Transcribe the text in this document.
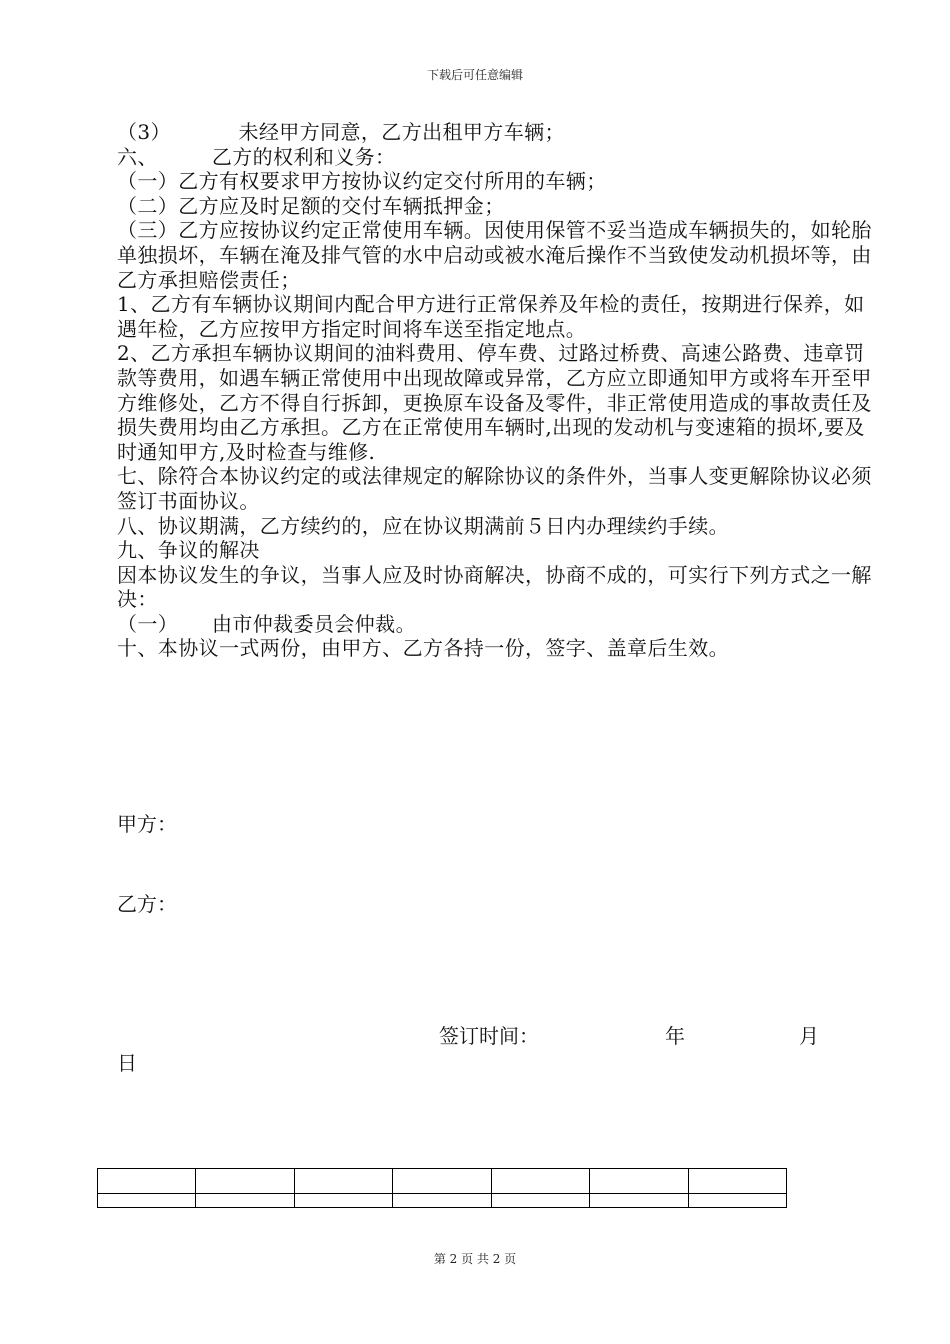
下载后可任意编辑

（3）          未经甲方同意，乙方出租甲方车辆；

六、        乙方的权利和义务：

（一）乙方有权要求甲方按协议约定交付所用的车辆；

（二）乙方应及时足额的交付车辆抵押金；

（三）乙方应按协议约定正常使用车辆。因使用保管不妥当造成车辆损失的，如轮胎单独损坏，车辆在淹及排气管的水中启动或被水淹后操作不当致使发动机损坏等，由乙方承担赔偿责任；

1、乙方有车辆协议期间内配合甲方进行正常保养及年检的责任，按期进行保养，如遇年检，乙方应按甲方指定时间将车送至指定地点。

2、乙方承担车辆协议期间的油料费用、停车费、过路过桥费、高速公路费、违章罚款等费用，如遇车辆正常使用中出现故障或异常，乙方应立即通知甲方或将车开至甲方维修处，乙方不得自行拆卸，更换原车设备及零件，非正常使用造成的事故责任及损失费用均由乙方承担。乙方在正常使用车辆时,出现的发动机与变速箱的损坏,要及时通知甲方,及时检查与维修.

七、除符合本协议约定的或法律规定的解除协议的条件外，当事人变更解除协议必须签订书面协议。

八、协议期满，乙方续约的，应在协议期满前５日内办理续约手续。

九、争议的解决

因本协议发生的争议，当事人应及时协商解决，协商不成的，可实行下列方式之一解决：

（一）     由市仲裁委员会仲裁。

十、本协议一式两份，由甲方、乙方各持一份，签字、盖章后生效。

甲方：
乙方：
签订时间：	年	月
日

第 2 页 共 2 页
